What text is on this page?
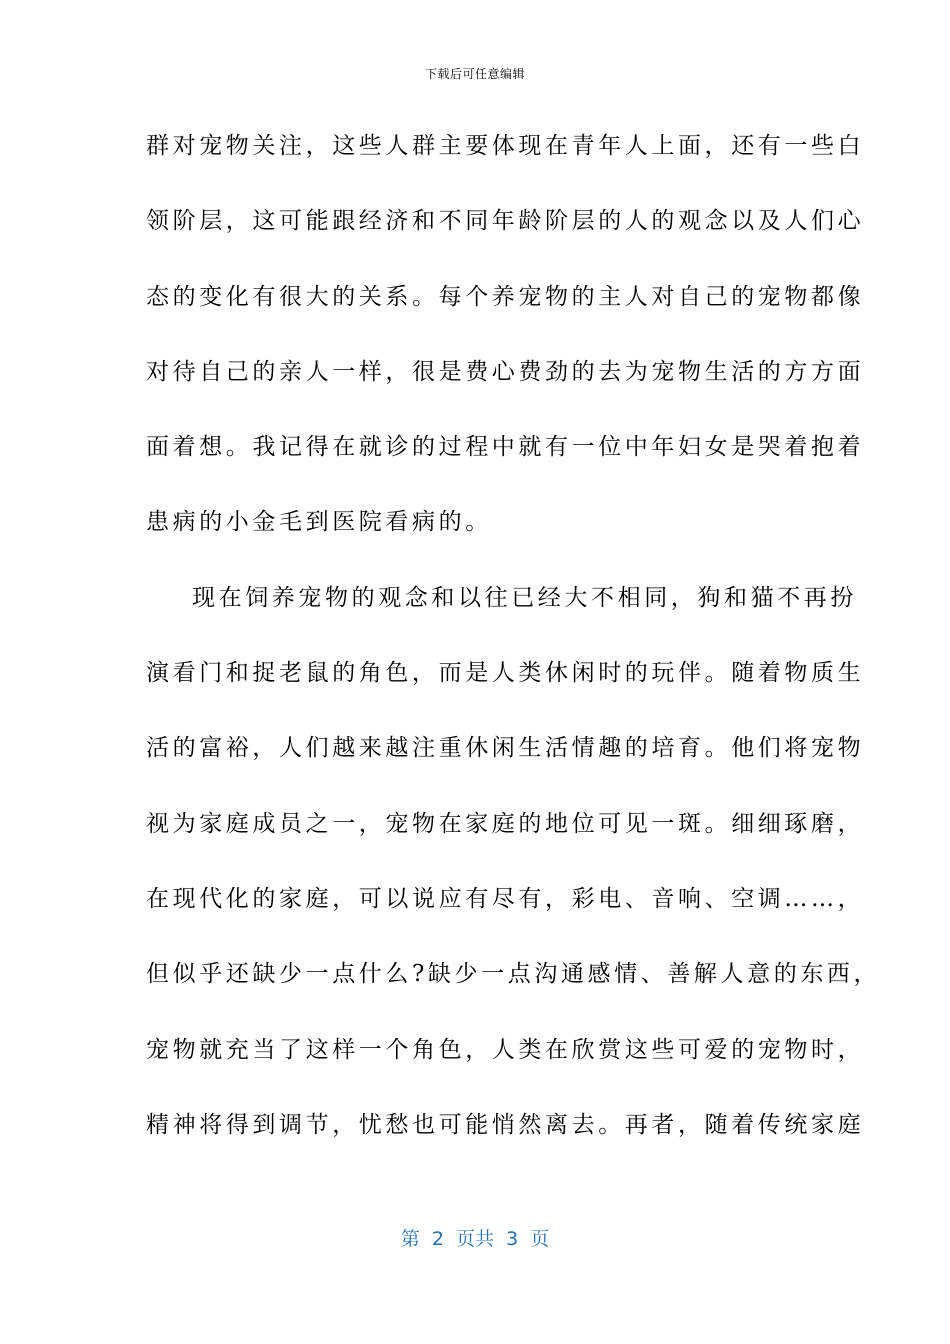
下载后可任意编辑
群对宠物关注，这些人群主要体现在青年人上面，还有一些白
领阶层，这可能跟经济和不同年龄阶层的人的观念以及人们心
态的变化有很大的关系。每个养宠物的主人对自己的宠物都像
对待自己的亲人一样，很是费心费劲的去为宠物生活的方方面
面着想。我记得在就诊的过程中就有一位中年妇女是哭着抱着
患病的小金毛到医院看病的。
现在饲养宠物的观念和以往已经大不相同，狗和猫不再扮
演看门和捉老鼠的角色，而是人类休闲时的玩伴。随着物质生
活的富裕，人们越来越注重休闲生活情趣的培育。他们将宠物
视为家庭成员之一，宠物在家庭的地位可见一斑。细细琢磨，
在现代化的家庭，可以说应有尽有，彩电、音响、空调……，
但似乎还缺少一点什么?缺少一点沟通感情、善解人意的东西，
宠物就充当了这样一个角色，人类在欣赏这些可爱的宠物时，
精神将得到调节，忧愁也可能悄然离去。再者，随着传统家庭
第  2  页共  3  页
